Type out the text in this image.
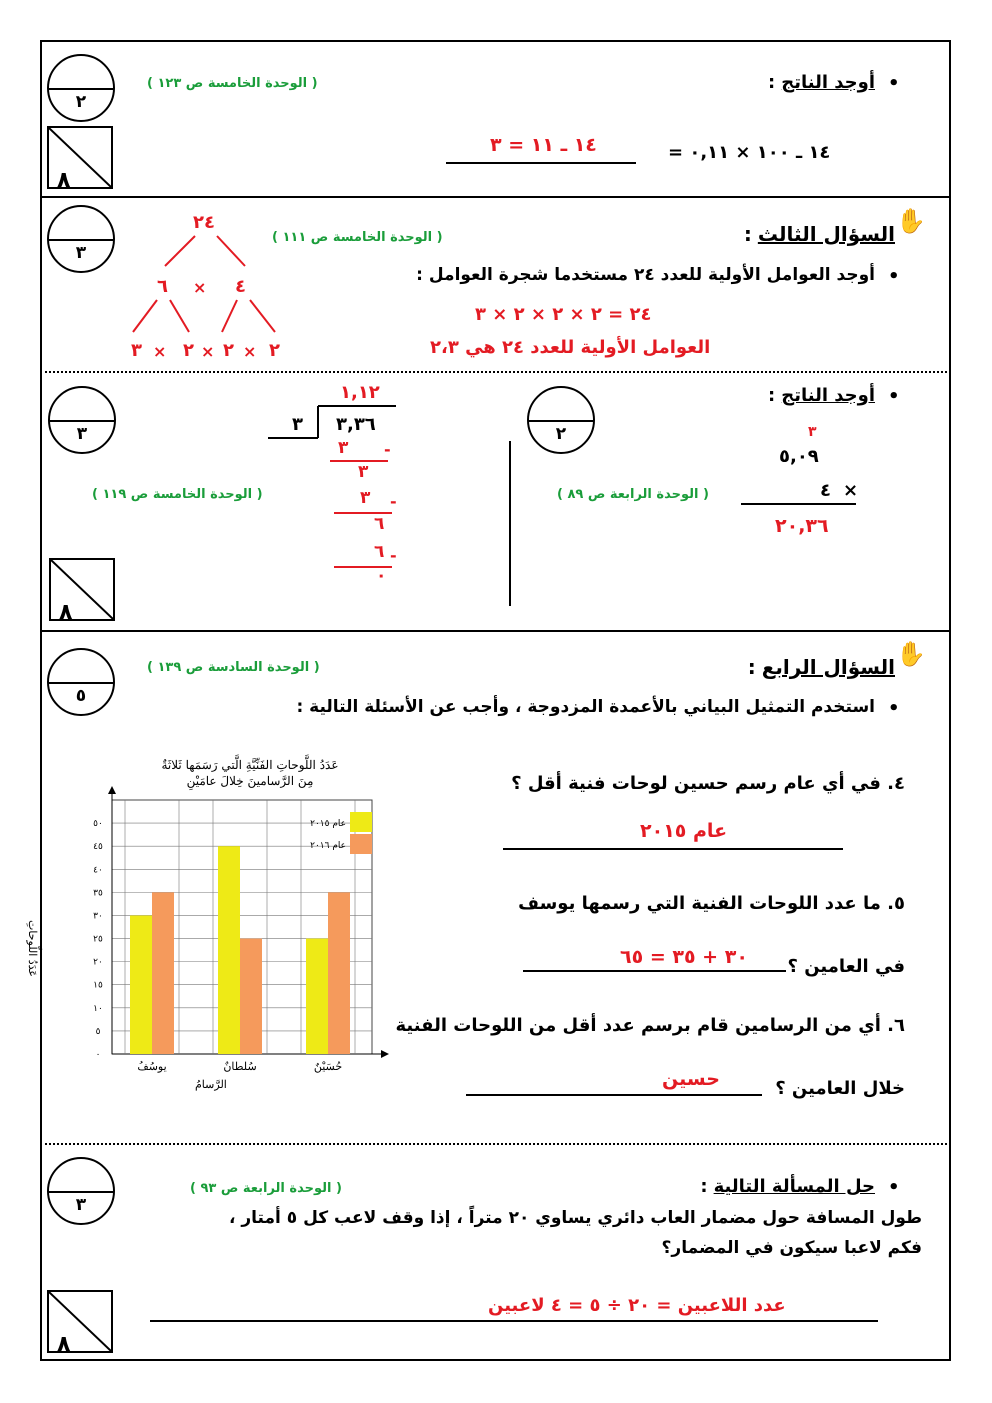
٢
٨
( الوحدة الخامسة ص ١٢٣ )	•
أوجد الناتج:
١٤ ـ ١٠٠ × ٠,١١ =
١٤ ـ ١١ = ٣
٣
✋
السؤال الثالث:
( الوحدة الخامسة ص ١١١ )
•
أوجد العوامل الأولية للعدد ٢٤ مستخدما شجرة العوامل :
٢٤ = ٢ × ٢ × ٢ × ٣
العوامل الأولية للعدد ٢٤ هي ٢،٣
٢٤
٦ × ٤
٣ × ٢ × ٢ × ٢
•
أوجد الناتج:
٢
( الوحدة الرابعة ص ٨٩ )
٣
٥,٠٩
×
٤
٢٠,٣٦
٣
( الوحدة الخامسة ص ١١٩ )
٨
١,١٢
٣ ٣,٣٦
٣ -
٣
٣ -
٦
٦ -
٠
٥
✋
السؤال الرابع:
( الوحدة السادسة ص ١٣٩ )
•
استخدم التمثيل البياني بالأعمدة المزدوجة ، وأجب عن الأسئلة التالية :
٤. في أي عام رسم حسين لوحات فنية أقل ؟
عام ٢٠١٥
٥. ما عدد اللوحات الفنية التي رسمها يوسف
في العامين ؟
٣٠ + ٣٥ = ٦٥
٦. أي من الرسامين قام برسم عدد أقل من اللوحات الفنية
خلال العامين ؟
حسين
عَدَدُ اللَّوحاتِ الفَنِّيَّةِ الَّتي رَسَمَها ثَلاثَةٌ
مِنَ الرَّسامينَ خِلالَ عامَيْنِ
عَدَدُ اللَّوحاتِ
الرَّسامُ
٠
٥
١٠
١٥
٢٠
٢٥
٣٠
٣٥
٤٠
٤٥
٥٠
يوسُفُ	سُلطانٌ	حُسَيْنٌ
عام ٢٠١٥
عام ٢٠١٦
٣
٨
•
حل المسألة التالية:
( الوحدة الرابعة ص ٩٣ )
طول المسافة حول مضمار العاب دائري يساوي ٢٠ متراً ، إذا وقف لاعب كل ٥ أمتار ،
فكم لاعبا سيكون في المضمار؟
عدد اللاعبين = ٢٠ ÷ ٥ = ٤ لاعبين
